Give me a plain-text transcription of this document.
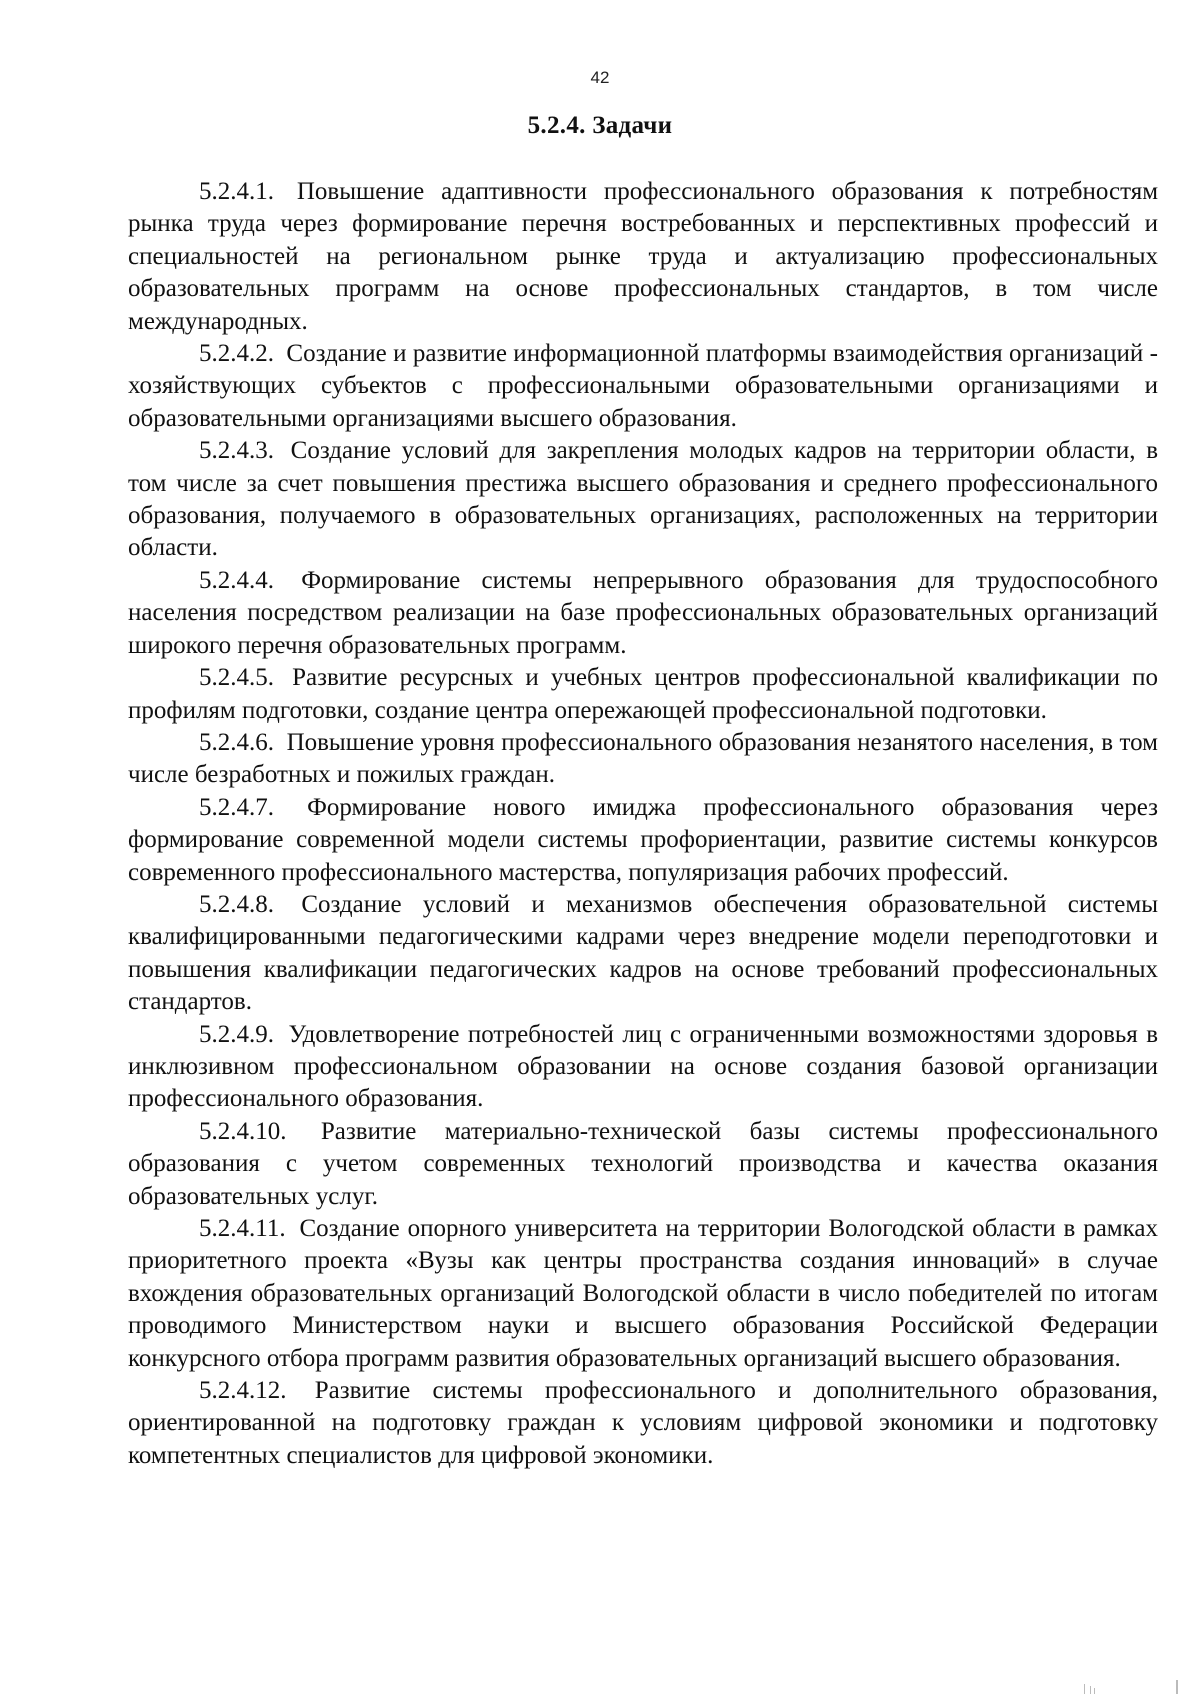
42

5.2.4. Задачи

5.2.4.1. Повышение адаптивности профессионального образования к потребностям рынка труда через формирование перечня востребованных и перспективных профессий и специальностей на региональном рынке труда и актуализацию профессиональных образовательных программ на основе профессиональных стандартов, в том числе международных.

5.2.4.2. Создание и развитие информационной платформы взаимодействия организаций - хозяйствующих субъектов с профессиональными образовательными организациями и образовательными организациями высшего образования.

5.2.4.3. Создание условий для закрепления молодых кадров на территории области, в том числе за счет повышения престижа высшего образования и среднего профессионального образования, получаемого в образовательных организациях, расположенных на территории области.

5.2.4.4. Формирование системы непрерывного образования для трудоспособного населения посредством реализации на базе профессиональных образовательных организаций широкого перечня образовательных программ.

5.2.4.5. Развитие ресурсных и учебных центров профессиональной квалификации по профилям подготовки, создание центра опережающей профессиональной подготовки.

5.2.4.6. Повышение уровня профессионального образования незанятого населения, в том числе безработных и пожилых граждан.

5.2.4.7. Формирование нового имиджа профессионального образования через формирование современной модели системы профориентации, развитие системы конкурсов современного профессионального мастерства, популяризация рабочих профессий.

5.2.4.8. Создание условий и механизмов обеспечения образовательной системы квалифицированными педагогическими кадрами через внедрение модели переподготовки и повышения квалификации педагогических кадров на основе требований профессиональных стандартов.

5.2.4.9. Удовлетворение потребностей лиц с ограниченными возможностями здоровья в инклюзивном профессиональном образовании на основе создания базовой организации профессионального образования.

5.2.4.10. Развитие материально-технической базы системы профессионального образования с учетом современных технологий производства и качества оказания образовательных услуг.

5.2.4.11. Создание опорного университета на территории Вологодской области в рамках приоритетного проекта «Вузы как центры пространства создания инноваций» в случае вхождения образовательных организаций Вологодской области в число победителей по итогам проводимого Министерством науки и высшего образования Российской Федерации конкурсного отбора программ развития образовательных организаций высшего образования.

5.2.4.12. Развитие системы профессионального и дополнительного образования, ориентированной на подготовку граждан к условиям цифровой экономики и подготовку компетентных специалистов для цифровой экономики.
